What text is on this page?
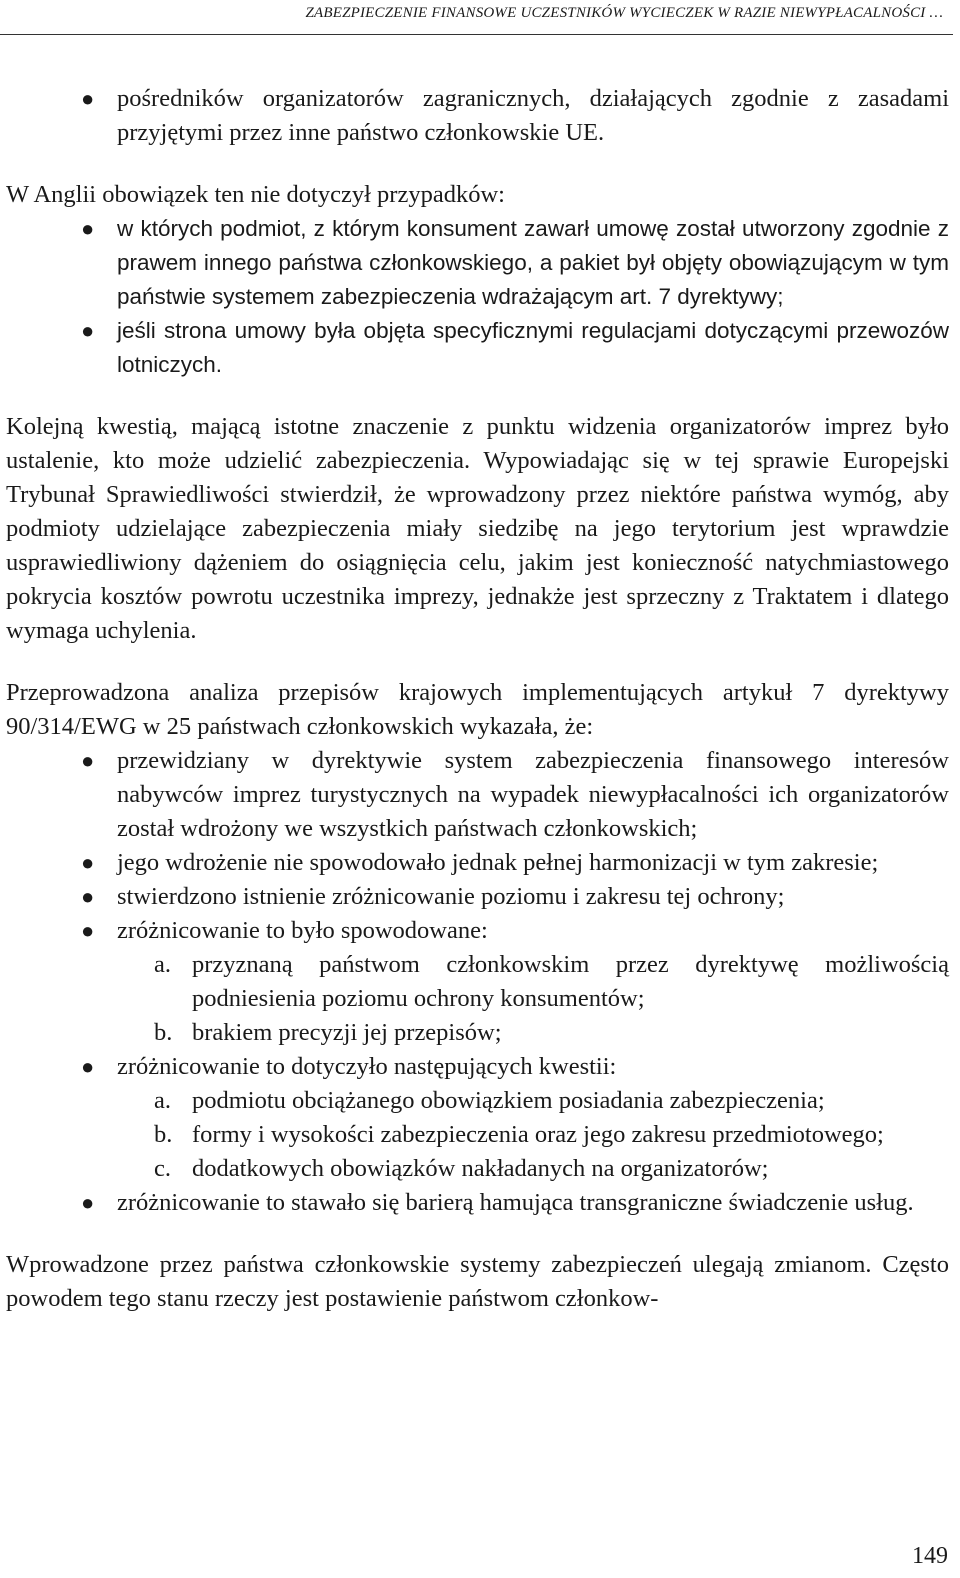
ZABEZPIECZENIE FINANSOWE UCZESTNIKÓW WYCIECZEK W RAZIE NIEWYPŁACALNOŚCI …
● pośredników organizatorów zagranicznych, działających zgodnie z zasadami przyjętymi przez inne państwo członkowskie UE.

W Anglii obowiązek ten nie dotyczył przypadków:

● w których podmiot, z którym konsument zawarł umowę został utworzony zgodnie z prawem innego państwa członkowskiego, a pakiet był objęty obowiązującym w tym państwie systemem zabezpieczenia wdrażającym art. 7 dyrektywy;
● jeśli strona umowy była objęta specyficznymi regulacjami dotyczącymi przewozów lotniczych.

Kolejną kwestią, mającą istotne znaczenie z punktu widzenia organizatorów imprez było ustalenie, kto może udzielić zabezpieczenia. Wypowiadając się w tej sprawie Europejski Trybunał Sprawiedliwości stwierdził, że wprowadzony przez niektóre państwa wymóg, aby podmioty udzielające zabezpieczenia miały siedzibę na jego terytorium jest wprawdzie usprawiedliwiony dążeniem do osiągnięcia celu, jakim jest konieczność natychmiastowego pokrycia kosztów powrotu uczestnika imprezy, jednakże jest sprzeczny z Traktatem i dlatego wymaga uchylenia.

Przeprowadzona analiza przepisów krajowych implementujących artykuł 7 dyrektywy 90/314/EWG w 25 państwach członkowskich wykazała, że:

● przewidziany w dyrektywie system zabezpieczenia finansowego interesów nabywców imprez turystycznych na wypadek niewypłacalności ich organizatorów został wdrożony we wszystkich państwach członkowskich;
● jego wdrożenie nie spowodowało jednak pełnej harmonizacji w tym zakresie;
● stwierdzono istnienie zróżnicowanie poziomu i zakresu tej ochrony;
● zróżnicowanie to było spowodowane:
a. przyznaną państwom członkowskim przez dyrektywę możliwością podniesienia poziomu ochrony konsumentów;
b. brakiem precyzji jej przepisów;
● zróżnicowanie to dotyczyło następujących kwestii:
a. podmiotu obciążanego obowiązkiem posiadania zabezpieczenia;
b. formy i wysokości zabezpieczenia oraz jego zakresu przedmiotowego;
c. dodatkowych obowiązków nakładanych na organizatorów;
● zróżnicowanie to stawało się barierą hamująca transgraniczne świadczenie usług.

Wprowadzone przez państwa członkowskie systemy zabezpieczeń ulegają zmianom. Często powodem tego stanu rzeczy jest postawienie państwom członkow-

149
